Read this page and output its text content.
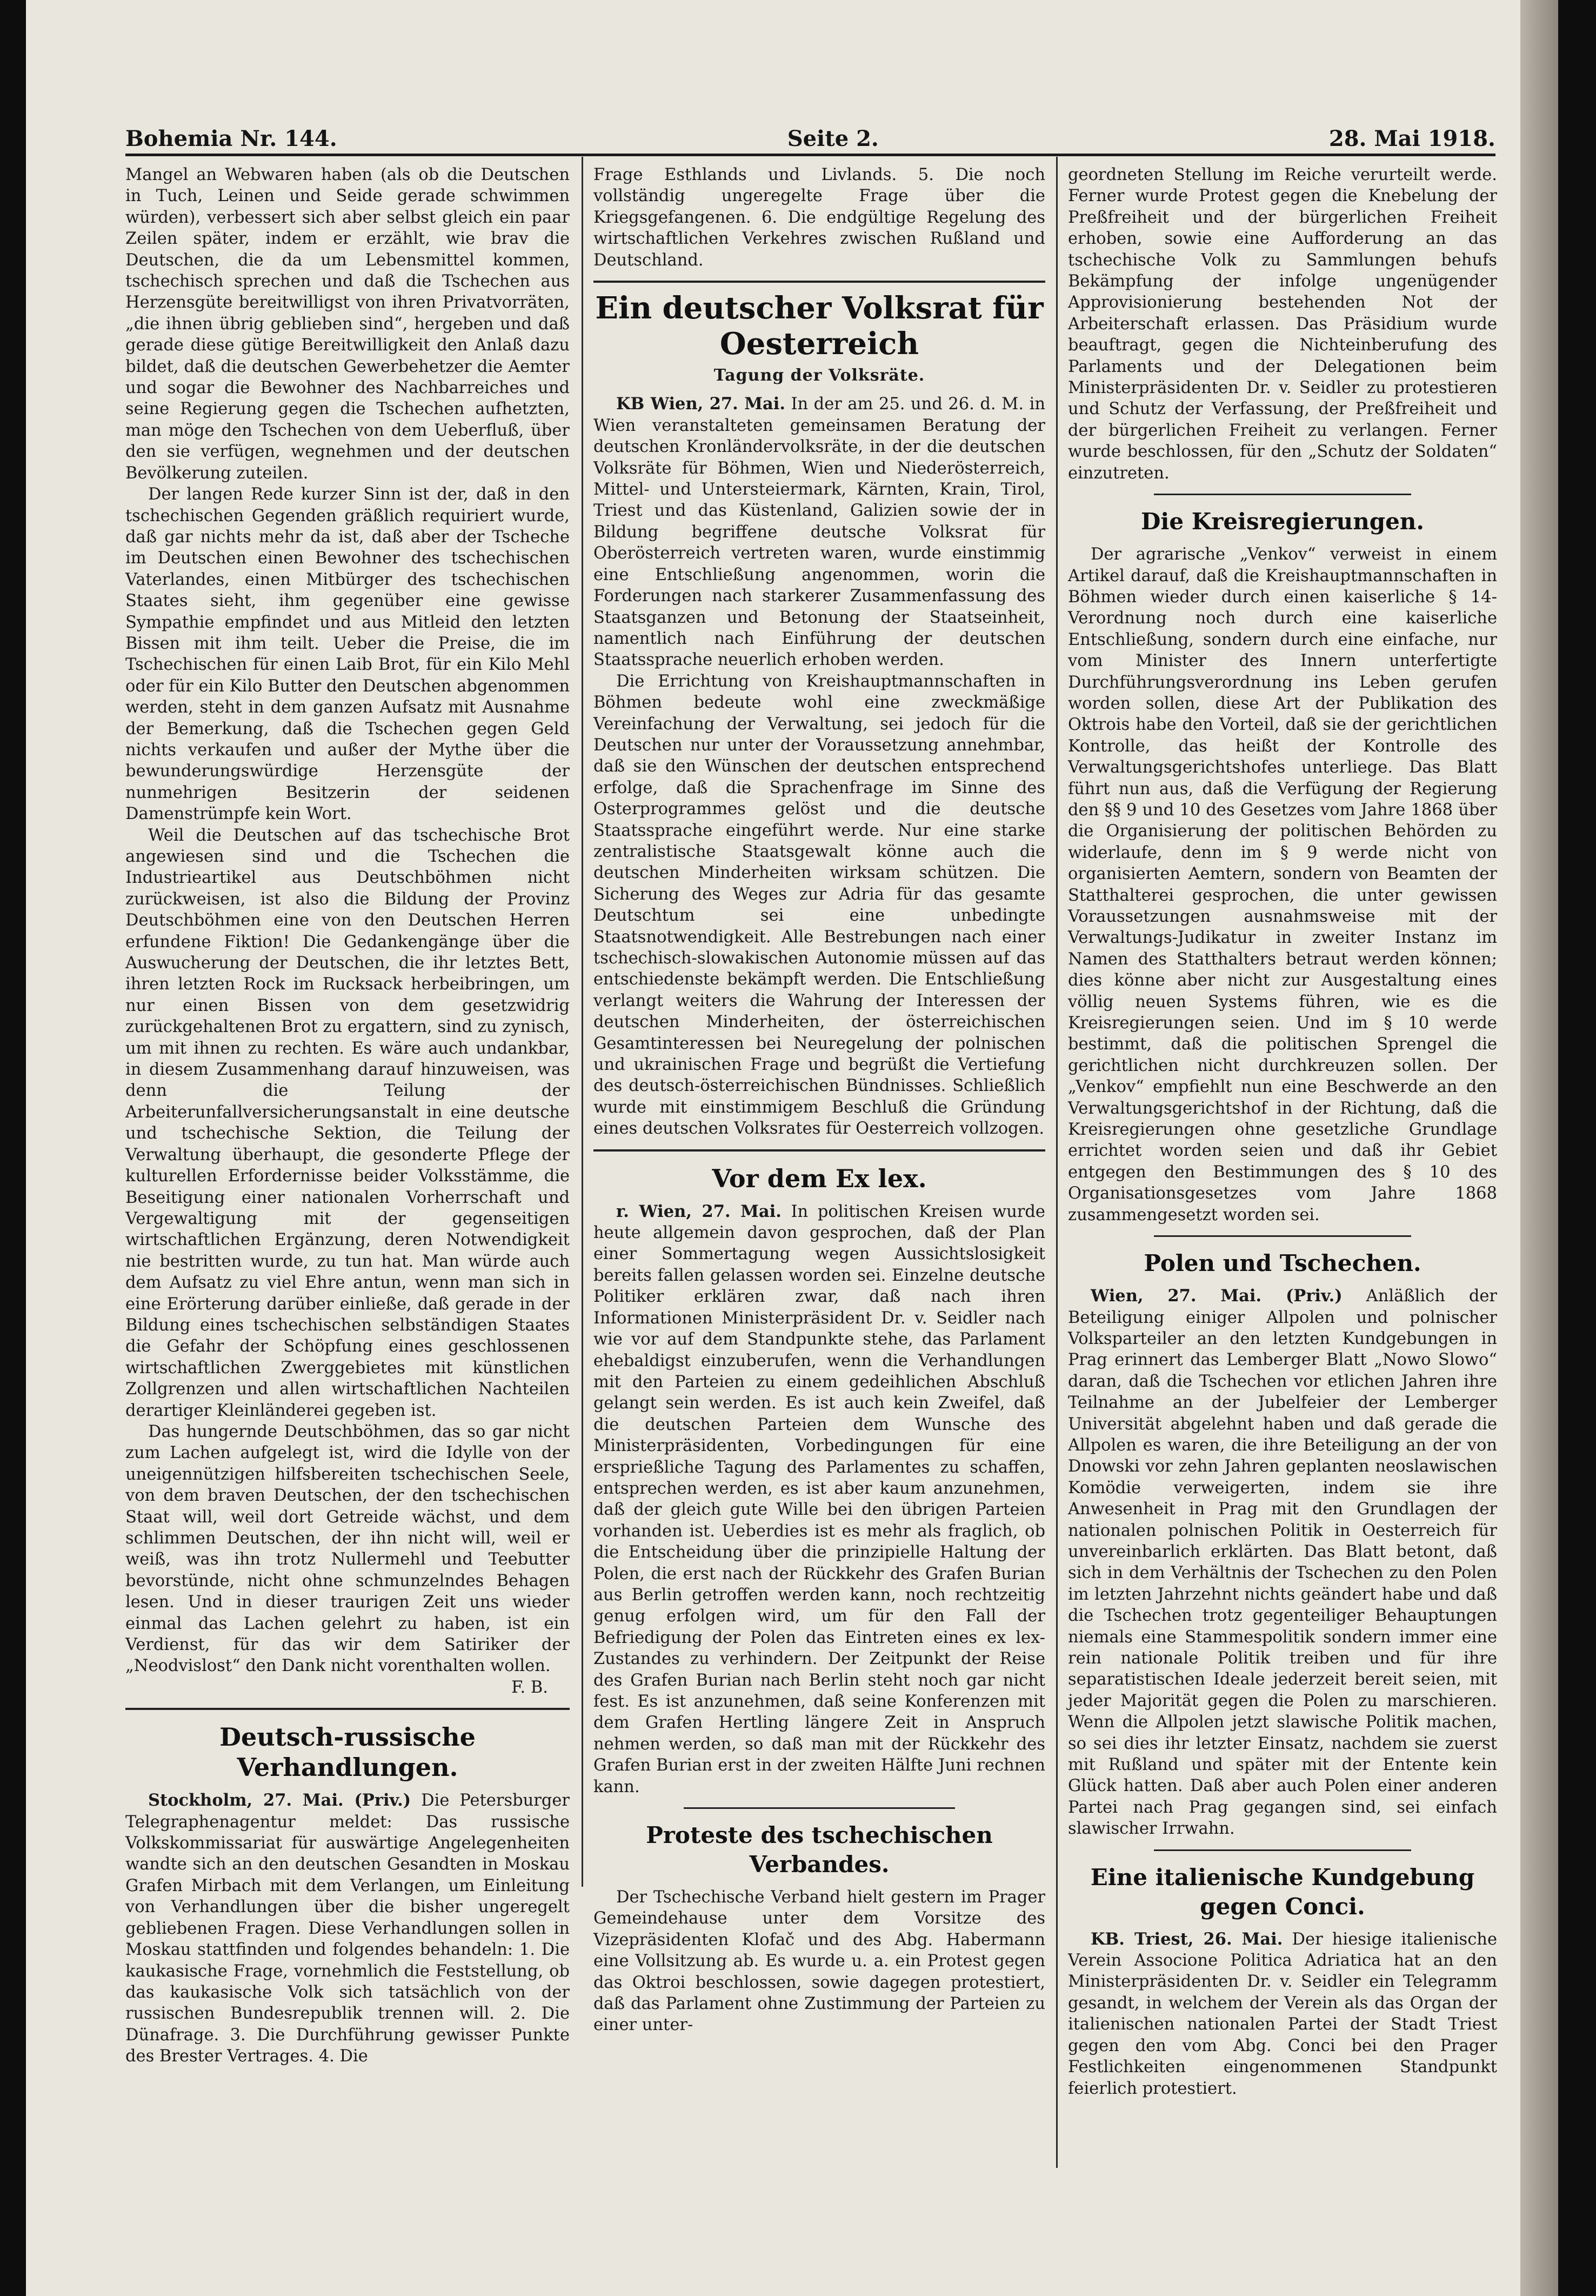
Bohemia Nr. 144.	Seite 2.	28. Mai 1918.

Mangel an Webwaren haben (als ob die Deutschen in Tuch, Leinen und Seide gerade schwimmen würden), verbessert sich aber selbst gleich ein paar Zeilen später, indem er erzählt, wie brav die Deutschen, die da um Lebensmittel kommen, tschechisch sprechen und daß die Tschechen aus Herzensgüte bereitwilligst von ihren Privatvorräten, „die ihnen übrig geblieben sind“, hergeben und daß gerade diese gütige Bereitwilligkeit den Anlaß dazu bildet, daß die deutschen Gewerbehetzer die Aemter und sogar die Bewohner des Nachbarreiches und seine Regierung gegen die Tschechen aufhetzten, man möge den Tschechen von dem Ueberfluß, über den sie verfügen, wegnehmen und der deutschen Bevölkerung zuteilen.

Der langen Rede kurzer Sinn ist der, daß in den tschechischen Gegenden gräßlich requiriert wurde, daß gar nichts mehr da ist, daß aber der Tscheche im Deutschen einen Bewohner des tschechischen Vaterlandes, einen Mitbürger des tschechischen Staates sieht, ihm gegenüber eine gewisse Sympathie empfindet und aus Mitleid den letzten Bissen mit ihm teilt. Ueber die Preise, die im Tschechischen für einen Laib Brot, für ein Kilo Mehl oder für ein Kilo Butter den Deutschen abgenommen werden, steht in dem ganzen Aufsatz mit Ausnahme der Bemerkung, daß die Tschechen gegen Geld nichts verkaufen und außer der Mythe über die bewunderungswürdige Herzensgüte der nunmehrigen Besitzerin der seidenen Damenstrümpfe kein Wort.

Weil die Deutschen auf das tschechische Brot angewiesen sind und die Tschechen die Industrieartikel aus Deutschböhmen nicht zurückweisen, ist also die Bildung der Provinz Deutschböhmen eine von den Deutschen Herren erfundene Fiktion! Die Gedankengänge über die Auswucherung der Deutschen, die ihr letztes Bett, ihren letzten Rock im Rucksack herbeibringen, um nur einen Bissen von dem gesetzwidrig zurückgehaltenen Brot zu ergattern, sind zu zynisch, um mit ihnen zu rechten. Es wäre auch undankbar, in diesem Zusammenhang darauf hinzuweisen, was denn die Teilung der Arbeiterunfallversicherungsanstalt in eine deutsche und tschechische Sektion, die Teilung der Verwaltung überhaupt, die gesonderte Pflege der kulturellen Erfordernisse beider Volksstämme, die Beseitigung einer nationalen Vorherrschaft und Vergewaltigung mit der gegenseitigen wirtschaftlichen Ergänzung, deren Notwendigkeit nie bestritten wurde, zu tun hat. Man würde auch dem Aufsatz zu viel Ehre antun, wenn man sich in eine Erörterung darüber einließe, daß gerade in der Bildung eines tschechischen selbständigen Staates die Gefahr der Schöpfung eines geschlossenen wirtschaftlichen Zwerggebietes mit künstlichen Zollgrenzen und allen wirtschaftlichen Nachteilen derartiger Kleinländerei gegeben ist.

Das hungernde Deutschböhmen, das so gar nicht zum Lachen aufgelegt ist, wird die Idylle von der uneigennützigen hilfsbereiten tschechischen Seele, von dem braven Deutschen, der den tschechischen Staat will, weil dort Getreide wächst, und dem schlimmen Deutschen, der ihn nicht will, weil er weiß, was ihn trotz Nullermehl und Teebutter bevorstünde, nicht ohne schmunzelndes Behagen lesen. Und in dieser traurigen Zeit uns wieder einmal das Lachen gelehrt zu haben, ist ein Verdienst, für das wir dem Satiriker der „Neodvislost“ den Dank nicht vorenthalten wollen.

F. B.
Deutsch-russische Verhandlungen.

Stockholm, 27. Mai. (Priv.) Die Petersburger Telegraphenagentur meldet: Das russische Volkskommissariat für auswärtige Angelegenheiten wandte sich an den deutschen Gesandten in Moskau Grafen Mirbach mit dem Verlangen, um Einleitung von Verhandlungen über die bisher ungeregelt gebliebenen Fragen. Diese Verhandlungen sollen in Moskau stattfinden und folgendes behandeln: 1. Die kaukasische Frage, vornehmlich die Feststellung, ob das kaukasische Volk sich tatsächlich von der russischen Bundesrepublik trennen will. 2. Die Dünafrage. 3. Die Durchführung gewisser Punkte des Brester Vertrages. 4. Die

Frage Esthlands und Livlands. 5. Die noch vollständig ungeregelte Frage über die Kriegsgefangenen. 6. Die endgültige Regelung des wirtschaftlichen Verkehres zwischen Rußland und Deutschland.

Ein deutscher Volksrat für Oesterreich
Tagung der Volksräte.

KB Wien, 27. Mai. In der am 25. und 26. d. M. in Wien veranstalteten gemeinsamen Beratung der deutschen Kronländervolksräte, in der die deutschen Volksräte für Böhmen, Wien und Niederösterreich, Mittel- und Untersteiermark, Kärnten, Krain, Tirol, Triest und das Küstenland, Galizien sowie der in Bildung begriffene deutsche Volksrat für Oberösterreich vertreten waren, wurde einstimmig eine Entschließung angenommen, worin die Forderungen nach starkerer Zusammenfassung des Staatsganzen und Betonung der Staatseinheit, namentlich nach Einführung der deutschen Staatssprache neuerlich erhoben werden.

Die Errichtung von Kreishauptmannschaften in Böhmen bedeute wohl eine zweckmäßige Vereinfachung der Verwaltung, sei jedoch für die Deutschen nur unter der Voraussetzung annehmbar, daß sie den Wünschen der deutschen entsprechend erfolge, daß die Sprachenfrage im Sinne des Osterprogrammes gelöst und die deutsche Staatssprache eingeführt werde. Nur eine starke zentralistische Staatsgewalt könne auch die deutschen Minderheiten wirksam schützen. Die Sicherung des Weges zur Adria für das gesamte Deutschtum sei eine unbedingte Staatsnotwendigkeit. Alle Bestrebungen nach einer tschechisch-slowakischen Autonomie müssen auf das entschiedenste bekämpft werden. Die Entschließung verlangt weiters die Wahrung der Interessen der deutschen Minderheiten, der österreichischen Gesamtinteressen bei Neuregelung der polnischen und ukrainischen Frage und begrüßt die Vertiefung des deutsch-österreichischen Bündnisses. Schließlich wurde mit einstimmigem Beschluß die Gründung eines deutschen Volksrates für Oesterreich vollzogen.

Vor dem Ex lex.

r. Wien, 27. Mai. In politischen Kreisen wurde heute allgemein davon gesprochen, daß der Plan einer Sommertagung wegen Aussichtslosigkeit bereits fallen gelassen worden sei. Einzelne deutsche Politiker erklären zwar, daß nach ihren Informationen Ministerpräsident Dr. v. Seidler nach wie vor auf dem Standpunkte stehe, das Parlament ehebaldigst einzuberufen, wenn die Verhandlungen mit den Parteien zu einem gedeihlichen Abschluß gelangt sein werden. Es ist auch kein Zweifel, daß die deutschen Parteien dem Wunsche des Ministerpräsidenten, Vorbedingungen für eine ersprießliche Tagung des Parlamentes zu schaffen, entsprechen werden, es ist aber kaum anzunehmen, daß der gleich gute Wille bei den übrigen Parteien vorhanden ist. Ueberdies ist es mehr als fraglich, ob die Entscheidung über die prinzipielle Haltung der Polen, die erst nach der Rückkehr des Grafen Burian aus Berlin getroffen werden kann, noch rechtzeitig genug erfolgen wird, um für den Fall der Befriedigung der Polen das Eintreten eines ex lex-Zustandes zu verhindern. Der Zeitpunkt der Reise des Grafen Burian nach Berlin steht noch gar nicht fest. Es ist anzunehmen, daß seine Konferenzen mit dem Grafen Hertling längere Zeit in Anspruch nehmen werden, so daß man mit der Rückkehr des Grafen Burian erst in der zweiten Hälfte Juni rechnen kann.

Proteste des tschechischen Verbandes.

Der Tschechische Verband hielt gestern im Prager Gemeindehause unter dem Vorsitze des Vizepräsidenten Klofač und des Abg. Habermann eine Vollsitzung ab. Es wurde u. a. ein Protest gegen das Oktroi beschlossen, sowie dagegen protestiert, daß das Parlament ohne Zustimmung der Parteien zu einer unter-

geordneten Stellung im Reiche verurteilt werde. Ferner wurde Protest gegen die Knebelung der Preßfreiheit und der bürgerlichen Freiheit erhoben, sowie eine Aufforderung an das tschechische Volk zu Sammlungen behufs Bekämpfung der infolge ungenügender Approvisionierung bestehenden Not der Arbeiterschaft erlassen. Das Präsidium wurde beauftragt, gegen die Nichteinberufung des Parlaments und der Delegationen beim Ministerpräsidenten Dr. v. Seidler zu protestieren und Schutz der Verfassung, der Preßfreiheit und der bürgerlichen Freiheit zu verlangen. Ferner wurde beschlossen, für den „Schutz der Soldaten“ einzutreten.

Die Kreisregierungen.

Der agrarische „Venkov“ verweist in einem Artikel darauf, daß die Kreishauptmannschaften in Böhmen wieder durch einen kaiserliche § 14-Verordnung noch durch eine kaiserliche Entschließung, sondern durch eine einfache, nur vom Minister des Innern unterfertigte Durchführungsverordnung ins Leben gerufen worden sollen, diese Art der Publikation des Oktrois habe den Vorteil, daß sie der gerichtlichen Kontrolle, das heißt der Kontrolle des Verwaltungsgerichtshofes unterliege. Das Blatt führt nun aus, daß die Verfügung der Regierung den §§ 9 und 10 des Gesetzes vom Jahre 1868 über die Organisierung der politischen Behörden zu widerlaufe, denn im § 9 werde nicht von organisierten Aemtern, sondern von Beamten der Statthalterei gesprochen, die unter gewissen Voraussetzungen ausnahmsweise mit der Verwaltungs-Judikatur in zweiter Instanz im Namen des Statthalters betraut werden können; dies könne aber nicht zur Ausgestaltung eines völlig neuen Systems führen, wie es die Kreisregierungen seien. Und im § 10 werde bestimmt, daß die politischen Sprengel die gerichtlichen nicht durchkreuzen sollen. Der „Venkov“ empfiehlt nun eine Beschwerde an den Verwaltungsgerichtshof in der Richtung, daß die Kreisregierungen ohne gesetzliche Grundlage errichtet worden seien und daß ihr Gebiet entgegen den Bestimmungen des § 10 des Organisationsgesetzes vom Jahre 1868 zusammengesetzt worden sei.

Polen und Tschechen.

Wien, 27. Mai. (Priv.) Anläßlich der Beteiligung einiger Allpolen und polnischer Volksparteiler an den letzten Kundgebungen in Prag erinnert das Lemberger Blatt „Nowo Slowo“ daran, daß die Tschechen vor etlichen Jahren ihre Teilnahme an der Jubelfeier der Lemberger Universität abgelehnt haben und daß gerade die Allpolen es waren, die ihre Beteiligung an der von Dnowski vor zehn Jahren geplanten neoslawischen Komödie verweigerten, indem sie ihre Anwesenheit in Prag mit den Grundlagen der nationalen polnischen Politik in Oesterreich für unvereinbarlich erklärten. Das Blatt betont, daß sich in dem Verhältnis der Tschechen zu den Polen im letzten Jahrzehnt nichts geändert habe und daß die Tschechen trotz gegenteiliger Behauptungen niemals eine Stammespolitik sondern immer eine rein nationale Politik treiben und für ihre separatistischen Ideale jederzeit bereit seien, mit jeder Majorität gegen die Polen zu marschieren. Wenn die Allpolen jetzt slawische Politik machen, so sei dies ihr letzter Einsatz, nachdem sie zuerst mit Rußland und später mit der Entente kein Glück hatten. Daß aber auch Polen einer anderen Partei nach Prag gegangen sind, sei einfach slawischer Irrwahn.

Eine italienische Kundgebung
gegen Conci.

KB. Triest, 26. Mai. Der hiesige italienische Verein Associone Politica Adriatica hat an den Ministerpräsidenten Dr. v. Seidler ein Telegramm gesandt, in welchem der Verein als das Organ der italienischen nationalen Partei der Stadt Triest gegen den vom Abg. Conci bei den Prager Festlichkeiten eingenommenen Standpunkt feierlich protestiert.
